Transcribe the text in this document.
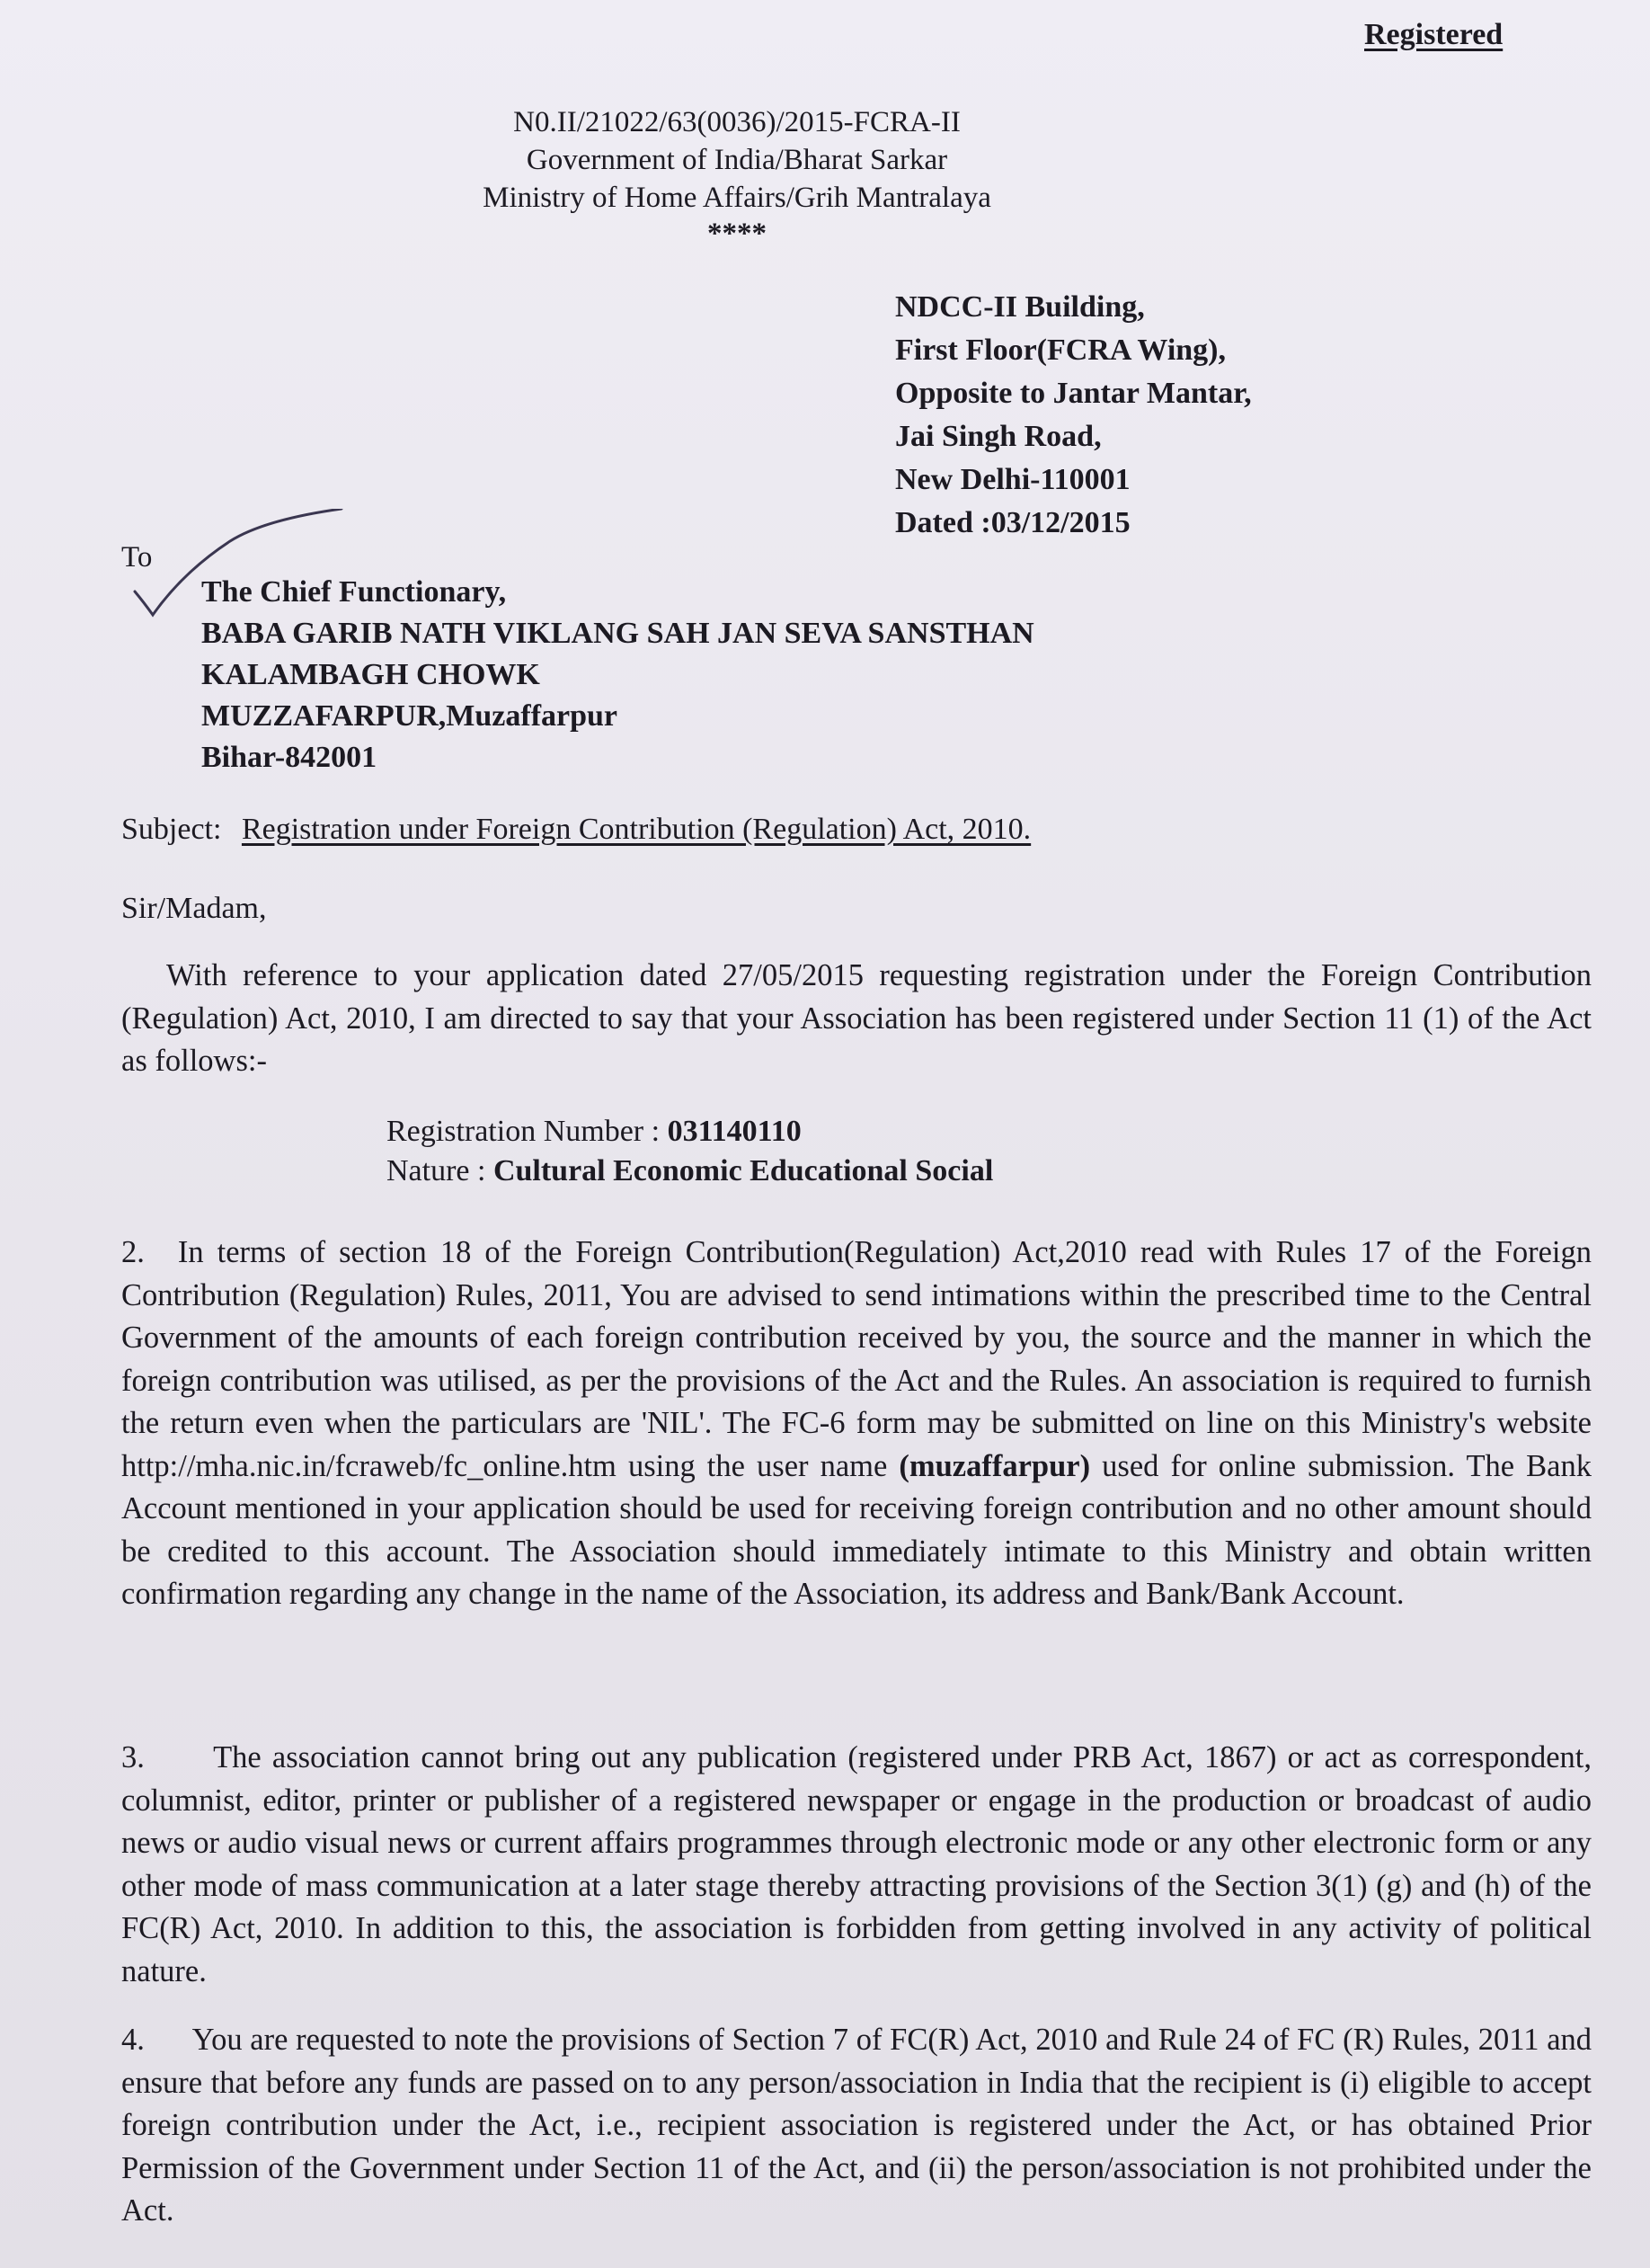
Registered
N0.II/21022/63(0036)/2015-FCRA-II
Government of India/Bharat Sarkar
Ministry of Home Affairs/Grih Mantralaya
****
NDCC-II Building,
First Floor(FCRA Wing),
Opposite to Jantar Mantar,
Jai Singh Road,
New Delhi-110001
Dated :03/12/2015
To
The Chief Functionary,
BABA GARIB NATH VIKLANG SAH JAN SEVA SANSTHAN
KALAMBAGH CHOWK
MUZZAFARPUR,Muzaffarpur
Bihar-842001
Subject: Registration under Foreign Contribution (Regulation) Act, 2010.
Sir/Madam,
With reference to your application dated 27/05/2015 requesting registration under the Foreign Contribution (Regulation) Act, 2010, I am directed to say that your Association has been registered under Section 11 (1) of the Act as follows:-
Registration Number : 031140110
Nature : Cultural Economic Educational Social
2. In terms of section 18 of the Foreign Contribution(Regulation) Act,2010 read with Rules 17 of the Foreign Contribution (Regulation) Rules, 2011, You are advised to send intimations within the prescribed time to the Central Government of the amounts of each foreign contribution received by you, the source and the manner in which the foreign contribution was utilised, as per the provisions of the Act and the Rules. An association is required to furnish the return even when the particulars are 'NIL'. The FC-6 form may be submitted on line on this Ministry's website http://mha.nic.in/fcraweb/fc_online.htm using the user name (muzaffarpur) used for online submission. The Bank Account mentioned in your application should be used for receiving foreign contribution and no other amount should be credited to this account. The Association should immediately intimate to this Ministry and obtain written confirmation regarding any change in the name of the Association, its address and Bank/Bank Account.
3. The association cannot bring out any publication (registered under PRB Act, 1867) or act as correspondent, columnist, editor, printer or publisher of a registered newspaper or engage in the production or broadcast of audio news or audio visual news or current affairs programmes through electronic mode or any other electronic form or any other mode of mass communication at a later stage thereby attracting provisions of the Section 3(1) (g) and (h) of the FC(R) Act, 2010. In addition to this, the association is forbidden from getting involved in any activity of political nature.
4. You are requested to note the provisions of Section 7 of FC(R) Act, 2010 and Rule 24 of FC (R) Rules, 2011 and ensure that before any funds are passed on to any person/association in India that the recipient is (i) eligible to accept foreign contribution under the Act, i.e., recipient association is registered under the Act, or has obtained Prior Permission of the Government under Section 11 of the Act, and (ii) the person/association is not prohibited under the Act.
